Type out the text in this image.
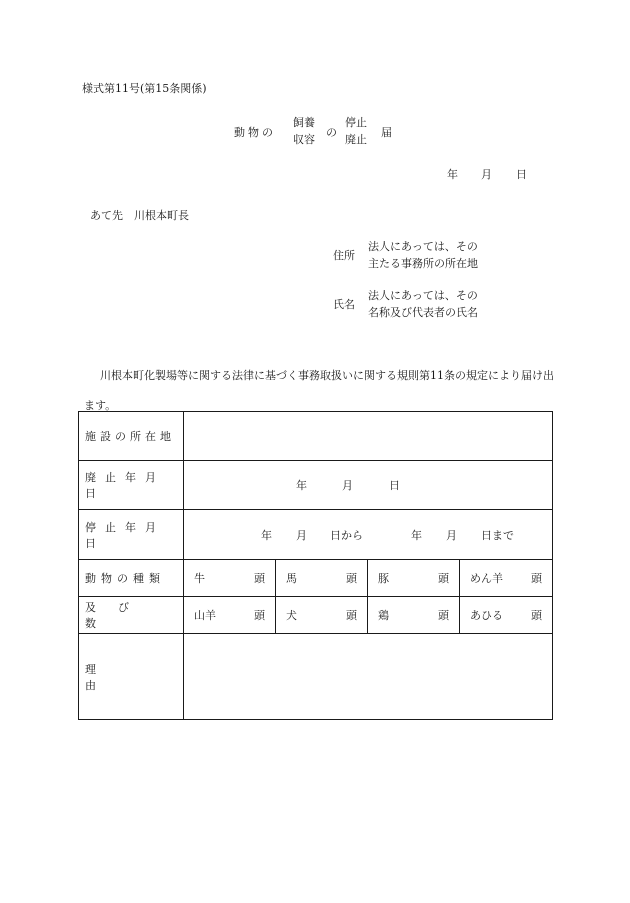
様式第11号(第15条関係)
動物の
飼養
収容
の
停止
廃止
届
年 月 日
あて先　川根本町長
住所
法人にあっては、その
主たる事務所の所在地
氏名
法人にあっては、その
名称及び代表者の氏名
川根本町化製場等に関する法律に基づく事務取扱いに関する規則第11条の規定により届け出ます。
施設の所在地				
廃止年月日	年 月 日			

停止年月日	年 月 日から 年 月 日まで			

動物の種類	牛 頭	馬 頭	豚 頭	めん羊 頭

及び数	山羊 頭	犬 頭	鶏 頭	あひる 頭

理由				
